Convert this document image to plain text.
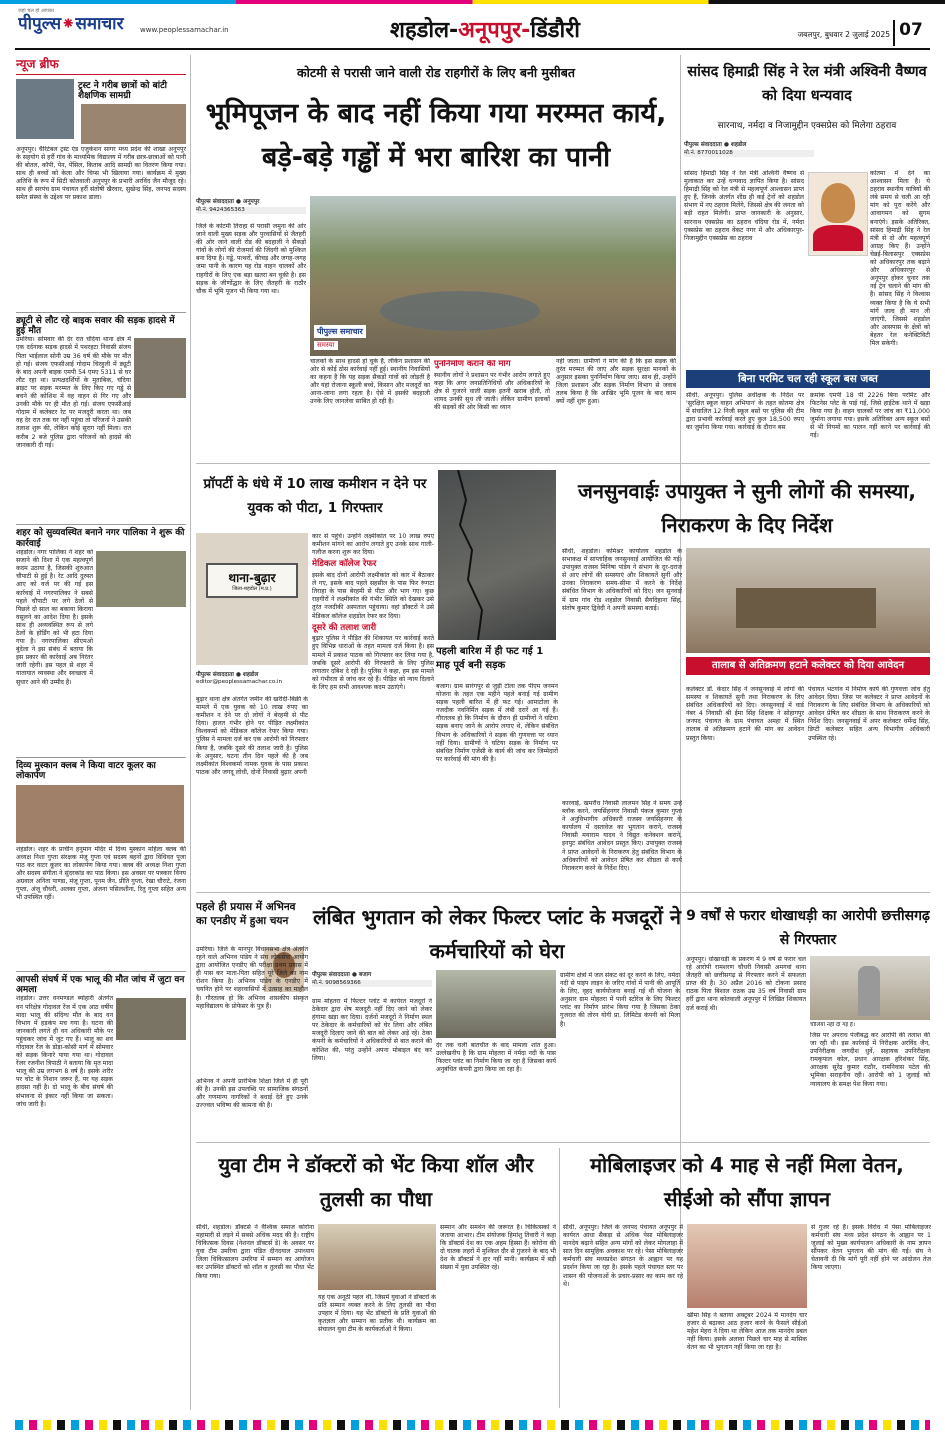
जहां चल हो आपका
पीपुल्स⁕समाचार	www.peoplessamachar.in	शहडोल-अनूपपुर-डिंडौरी	जबलपुर, बुधवार 2 जुलाई 2025 07
न्यूज ब्रीफ
ट्रस्ट ने गरीब छात्रों को बांटी शैक्षणिक सामग्री
अनूपपुर। चैरिटेबल ट्रस्ट एंड एजुकेशन सागर मध्य प्रदेश की शाखा अनूपपुर के सहयोग से हर्री गांव के माध्यमिक विद्यालय में गरीब छात्र-छात्राओं को पानी की बोतल, कॉपी, पेन, पेंसिल, किताब आदि सामग्री का वितरण किया गया। साथ ही बच्चों को केला और चिप्स भी खिलाया गया। कार्यक्रम में मुख्य अतिथि के रूप में सिटी कोतवाली अनूपपुर के प्रभारी अरविंद जैन मौजूद रहे। साथ ही सरपंच ग्राम पंचायत हर्री संतोषी खैरवार, सुखेन्द्र सिंह, जनपद सदस्य समेत संस्था के उद्देश्य पर प्रकाश डाला।
ड्यूटी से लौट रहे बाइक सवार की सड़क हादसे में हुई मौत
उमरिया। सोमवार की देर रात चंदिया थाना क्षेत्र में एक दर्दनाक सड़क हादसे में पथरहटा निवासी संजय पिता भाईलाल सोनी उम्र 36 वर्ष की मौके पर मौत हो गई। संजय एफसीआई गोदाम चिरहुली में ड्यूटी के बाद अपनी बाइक एमपी 54 एमए 5311 से घर लौट रहा था। प्रत्यक्षदर्शियों के मुताबिक, चंदिया ब्राइट पर सड़क मरम्मत के लिए किए गए गड्ढे से बचने की कोशिश में वह वाहन से गिर गए और उनकी मौके पर ही मौत हो गई। संजय एफसीआई गोदाम में कलेक्टर रेट पर मजदूरी करता था। जब वह देर रात तक घर नहीं पहुंचा तो परिजनों ने उसकी तलाश शुरू की, लेकिन कोई सुराग नहीं मिला। रात करीब 2 बजे पुलिस द्वारा परिजनों को हादसे की जानकारी दी गई।
शहर को सुव्यवस्थित बनाने नगर पालिका ने शुरू की कार्रवाई
शहडोल। नगर पालिका ने शहर को सजाने की दिशा में एक महत्वपूर्ण कदम उठाया है, जिसकी शुरुआत चौपाटी से हुई है। रेट आदि दुरुस्त आए को वर्ज पर की गई इस कार्रवाई में नगरपालिका ने सबसे पहले चौपाटी पर लगे ठेलों से पिछले दो साल का बकाया किराया वसूलने का आदेश दिया है। इसके साथ ही अव्यवस्थित रूप से लगे ठेलों के होर्डिंग को भी हटा दिया गया है। नगरपालिका सीएमओ बुंदेला ने इस संबंध में बताया कि इस प्रकार की कार्रवाई अब निरंतर जारी रहेगी। इस पहल से शहर में यातायात व्यवस्था और स्वच्छता में सुधार आने की उम्मीद है।
दिव्य मुस्कान क्लब ने किया वाटर कूलर का लोकार्पण
शहडोल। शहर के प्राचीन हनुमान मंदिर में दिव्य मुस्कान महिला क्लब की अध्यक्ष निशा गुप्ता संरक्षक मंजू गुप्ता एवं सदस्य बहनों द्वारा विधिवत पूजा पाठ कर वाटर कूलर का लोकार्पण किया गया। क्लब की अध्यक्ष निशा गुप्ता और सदस्य संगीता ने सुंदरकांड का पाठ किया। इस अवसर पर पत्रकार विनय अग्रवाल अनिता पाण्डा, मंजू गुप्ता, पूनम जैन, प्रीति गुप्ता, रेखा चौराटे, रंजना गुप्ता, अंजू चौधरी, अलका गुप्ता, अंजना पसिलशीना, रितु गुप्ता सहित अन्य भी उपस्थित रहीं।
आपसी संघर्ष में एक भालू की मौत जांच में जुटा वन अमला
शहडोल। उत्तर वनमण्डल ब्योहारी अंतर्गत वन परिक्षेत्र गोदावल रेंज में एक आठ वर्षीय मादा भालू की संदिग्ध मौत के बाद वन विभाग में हड़कंप मच गया है। घटना की जानकारी लगते ही वन अधिकारी मौके पर पहुंचकर जांच में जुट गए हैं। भालू का शव गोदावल रेंज के डोड़ा-कोसी मार्ग में सोमवार को सड़क किनारे पाया गया था। गोदावल रेंजर रजनीश त्रिपाठी ने बताया कि मृत मादा भालू की उम्र लगभग 8 वर्ष है। इसके शरीर पर चोट के निशान जरूर हैं, पर यह सड़क हादसा नहीं है। दो भालू के बीच संघर्ष की संभावना से इंकार नहीं किया जा सकता। जांच जारी है।
कोटमी से परासी जाने वाली रोड राहगीरों के लिए बनी मुसीबत
भूमिपूजन के बाद नहीं किया गया मरम्मत कार्य, बड़े-बड़े गड्ढों में भरा बारिश का पानी
पीपुल्स संवाददाता ● अनूपपुर
मो.नं. 9424365363
जिले के कोटमी तिराहा से परासी जमुना की ओर जाने वाली मुख्य सड़क और पुरवासियों से जैतहरी की ओर जाने वाली रोड की बदहाली ने सैकड़ों गांवों के लोगों की रोजमर्रा की जिंदगी को मुश्किल बना दिया है। गड्ढे, पत्थरों, कीचड़ और जगह-जगह जमा पानी के कारण यह रोड वाहन चालकों और राहगीरों के लिए एक बड़ा खतरा बन चुकी है। इस सड़क के जीर्णोद्धार के लिए जैतहरी के राठौर चौक में भूमि पूजन भी किया गया था।
पीपुल्स समाचार
समस्या
चालकों के साथ हादसे हो चुके हैं, लेकिन प्रशासन की ओर से कोई ठोस कार्रवाई नहीं हुई। स्थानीय निवासियों का कहना है कि यह सड़क सैकड़ों गांवों को जोड़ती है और यहां रोजाना स्कूली बच्चे, किसान और मजदूरों का आना-जाना लगा रहता है। ऐसे में इसकी बदहाली उनके लिए जानलेवा साबित हो रही है।
पुनर्निर्माण कराने की मांग
स्थानीय लोगों ने प्रशासन पर गंभीर आरोप लगाते हुए कहा कि अगर जनप्रतिनिधियों और अधिकारियों के क्षेत्र से गुजरने वाली सड़क इतनी खराब होती, तो शायद उनकी सुध ली जाती। लेकिन ग्रामीण इलाकों की सड़कों की ओर किसी का ध्यान
नहीं जाता। ग्रामीणों ने मांग की है कि इस सड़क की तुरंत मरम्मत की जाए और सड़क सुरक्षा मानकों के अनुसार इसका पुनर्निर्माण किया जाए। साथ ही, उन्होंने जिला प्रशासन और सड़क निर्माण विभाग से जवाब तलब किया है कि आखिर भूमि पूजन के बाद काम क्यों नहीं शुरू हुआ।
सांसद हिमाद्री सिंह ने रेल मंत्री अश्विनी वैष्णव को दिया धन्यवाद
सारनाथ, नर्मदा व निजामुद्दीन एक्सप्रेस को मिलेगा ठहराव
पीपुल्स संवाददाता ● शहडोल
मो.नं. 8770011028
सांसद हिमाद्री सिंह ने रेल मंत्री अश्विनी वैष्णव से मुलाकात कर उन्हें धन्यवाद ज्ञापित किया है। सांसद हिमाद्री सिंह को रेल मंत्री से महत्वपूर्ण आश्वासन प्राप्त हुए हैं, जिनके अंतर्गत शीघ्र ही कई ट्रेनों को शहडोल संभाग में नए ठहराव मिलेंगे, जिससे क्षेत्र की जनता को बड़ी राहत मिलेगी। प्राप्त जानकारी के अनुसार, सारनाथ एक्सप्रेस का ठहराव चंदिया रोड में, नर्मदा एक्सप्रेस का ठहराव वेंकट नगर में और अधिकारपुर-निजामुद्दीन एक्सप्रेस का ठहराव
कोतमा में देने का आश्वासन मिला है। ये ठहराव स्थानीय यात्रियों की लंबे समय से चली आ रही मांग को पूरा करेंगे और आवागमन को सुगम बनाएंगे। इसके अतिरिक्त, सांसद हिमाद्री सिंह ने रेल मंत्री से दो और महत्वपूर्ण आग्रह किए हैं। उन्होंने चेन्नई-बिलासपुर एक्सप्रेस को अधिकारपुर तक बढ़ाने और अधिकारपुर से अनूपपुर होकर चुनार तक नई ट्रेन चलाने की मांग की है। सांसद सिंह ने विश्वास व्यक्त किया है कि ये सभी मांगें जल्द ही मान ली जाएंगी, जिससे शहडोल और आसपास के क्षेत्रों को बेहतर रेल कनेक्टिविटी मिल सकेगी।
बिना परमिट चल रही स्कूल बस जब्त
सीधी, अनूपपुर। पुलिस अधीक्षक के निर्देश पर 'सुरक्षित स्कूल वाहन अभियान' के तहत कोतमा क्षेत्र में संचालित 12 निजी स्कूल बसों पर पुलिस की टीम द्वारा प्रभावी कार्रवाई करते हुए कुल 18,500 रुपए का जुर्माना किया गया। कार्रवाई के दौरान बस
क्रमांक एमपी 18 पी 2226 बिना परमिट और फिटनेस प्लेट के पाई गई, जिसे हाईटेक थाने में खड़ा किया गया है। वाहन चालकों पर जांच का ₹11,000 जुर्माना लगाया गया। इसके अतिरिक्त अन्य स्कूल बसों से भी नियमों का पालन नहीं करने पर कार्रवाई की गई।
प्रॉपर्टी के धंधे में 10 लाख कमीशन न देने पर युवक को पीटा, 1 गिरफ्तार
थाना-बुढ़ार
जिला-शहडोल (म.प्र.)
पीपुल्स संवाददाता ● शहडोल
editor@peoplessamachar.co.in
बुढ़ार थाना क्षेत्र अंतर्गत जमीन की खरीदी-बिक्री के मामले में एक युवक को 10 लाख रुपए का कमीशन न देने पर दो लोगों ने बेरहमी से पीट दिया। हालत गंभीर होने पर पीड़ित लक्ष्मीकांत विश्वकर्मा को मेडिकल कॉलेज रेफर किया गया। पुलिस ने मामला दर्ज कर एक आरोपी को गिरफ्तार किया है, जबकि दूसरे की तलाश जारी है। पुलिस के अनुसार, घटना तीन दिन पहले की है जब लक्ष्मीकांत विश्वकर्मा नामक युवक के पास प्रकाश पाठक और जगदू लोधी, दोनों निवासी बुढ़ार अपनी
कार से पहुंचे। उन्होंने लक्ष्मीकांत पर 10 लाख रुपए कमीशन मांगने का आरोप लगाते हुए उनके साथ गाली-गलौज करना शुरू कर दिया।
मेडिकल कॉलेज रेफर
इसके बाद दोनों आरोपी लक्ष्मीकांत को कार में बैठाकर ले गए, इसके बाद पहले सहसील के पास फिर रूंगटा तिराहा के पास बेरहमी से पीटा और भाग गए। कुछ राहगीरों ने लक्ष्मीकांत की गंभीर स्थिति को देखकर उसे तुरंत नजदीकी अस्पताल पहुंचाया। वहां डॉक्टरों ने उसे मेडिकल कॉलेज शहडोल रेफर कर दिया।
दूसरे की तलाश जारी
बुढ़ार पुलिस ने पीड़ित की शिकायत पर कार्रवाई करते हुए विभिन्न धाराओं के तहत मामला दर्ज किया है। इस मामले में प्रकाश पाठक को गिरफ्तार कर लिया गया है, जबकि दूसरे आरोपी की गिरफ्तारी के लिए पुलिस लगातार दबिश दे रही है। पुलिस ने कहा, हम इस मामले को गंभीरता से जांच कर रहे हैं। पीड़ित को न्याय दिलाने के लिए हम सभी आवश्यक कदम उठाएंगे।
पहली बारिश में ही फट गई 1 माह पूर्व बनी सड़क
बजाग। ग्राम सारंगपुर से जुड़ी टोला तक पीएम जनमन योजना के तहत एक महीने पहले बनाई गई ग्रामीण सड़क पहली बारिश में ही फट गई। आमाटोला के नजदीक नवनिर्मित सड़क में लंबी दरारें आ गई हैं। गौरतलब हो कि निर्माण के दौरान ही ग्रामीणों ने घटिया सड़क बनाए जाने के आरोप लगाए थे, लेकिन संबंधित विभाग के अधिकारियों ने सड़क की गुणवत्ता पर ध्यान नहीं दिया। ग्रामीणों ने घटिया सड़क के निर्माण पर संबंधित निर्माण एजेंसी के कार्य की जांच कर जिम्मेदारों पर कार्रवाई की मांग की है।
जनसुनवाईः उपायुक्त ने सुनी लोगों की समस्या, निराकरण के दिए निर्देश
सीधी, शहडोल। कमिश्नर कार्यालय शहडोल के सभाकक्ष में साप्ताहिक जनसुनवाई आयोजित की गई। उपायुक्त राजस्व मिनिषा पांडेय ने संभाग के दूर-दराज से आए लोगों की समस्याएं और शिकायतें सुनीं और उनका निराकरण समय-सीमा में करने के निर्देश संबंधित विभाग के अधिकारियों को दिए। जन सुनवाई में ग्राम गांव रोड शहडोल निवासी सैयदिहाना सिंह, संतोष कुमार द्विवेदी ने अपनी समस्या बताई।
तालाब से अतिक्रमण हटाने कलेक्टर को दिया आवेदन
कलेक्टर डॉ. केदार सिंह ने जनसुनवाई में लोगों की समस्या व शिकायतें सुनी तथा निराकरण के लिए संबंधित अधिकारियों को दिए। जनसुनवाई में वार्ड नंबर 4 निवासी श्री ईमा सिंह शिक्षक ने सोहागपुर जनपद पंचायत के ग्राम पंचायत अमहा में स्थित तालाब से अतिक्रमण हटाने की मांग का आवेदन प्रस्तुत किया।
पंचायत भटगांव में निर्माण कार्य की गुणवत्ता जांच हेतु आवेदन दिया। जिस पर कलेक्टर ने प्राप्त आवेदनों के निराकरण के लिए संबंधित विभाग के अधिकारियों को आवेदन प्रेषित कर शीघ्रता के साथ निराकरण करने के निर्देश दिए। जनसुनवाई में अपर कलेक्टर धर्मेन्द्र सिंह, डिप्टी कलेक्टर सहित अन्य विभागीय अधिकारी उपस्थित रहे।
कारवाई, खमरौंध निवासी लालमन सिंह ने समय उन्हें ब्लॉक करने, जयसिंहनगर निवासी पंकज कुमार गुप्ता ने अनुविभागीय अधिकारी राजस्व जयसिंहनगर के कार्यालय में दस्तावेज का भुगतान कराने, राजस्व निवासी मयाराम यादव ने विद्युत कनेक्शन कराने, इनपुट संबंधित आवेदन प्रस्तुत किए। उपायुक्त राजस्व ने प्राप्त आवेदनों के निराकरण हेतु संबंधित विभाग के अधिकारियों को आवेदन प्रेषित कर शीघ्रता से कार्य निराकरण करने के निर्देश दिए।
पहले ही प्रयास में अभिनव का एनडीए में हुआ चयन
उमरिया। जिले के मानपुर विधानसभा क्षेत्र अंतर्गत रहने वाले अभिनव पांडेय ने संघ लोकसेवा आयोग द्वारा आयोजित एनडीए की परीक्षा प्रथम प्रयास में ही पास कर माता-पिता सहित पूरे जिले का नाम रोशन किया है। अभिनव पांडेय के एनडीए में चयनित होने पर शहरवासियों में उत्साह का माहौल है। गौरतलब हो कि अभिनव शासकीय संस्कृत महाविद्यालय के प्रोफेसर के पुत्र हैं।
अभिनव ने अपनी प्रारंभिक शिक्षा जिले में ही पूरी की है। उनकी इस उपलब्धि पर सामाजिक संगठनों और गणमान्य नागरिकों ने बधाई देते हुए उनके उज्ज्वल भविष्य की कामना की है।
लंबित भुगतान को लेकर फिल्टर प्लांट के मजदूरों ने कर्मचारियों को घेरा
पीपुल्स संवाददाता ● बजाग
मो.नं. 9098569366
ग्राम मोहतरा में फिल्टर प्लांट में कार्यरत मजदूरों ने ठेकेदार द्वारा शेष मजदूरी नहीं दिए जाने को लेकर हंगामा खड़ा कर दिया। दर्जनों मजदूरों ने निर्माण स्थल पर ठेकेदार के कर्मचारियों को घेर लिया और लंबित मजदूरी दिलाए जाने की बात को लेकर अड़े रहे। ठेका कंपनी के कर्मचारियों ने अधिकारियों से बात कराने की कोशिश की, परंतु उन्होंने अपना मोबाइल बंद कर लिया।
देर तक चली बातचीत के बाद मामला शांत हुआ। उल्लेखनीय है कि ग्राम मोहतरा में नर्मदा नदी के पास फिल्टर प्लांट का निर्माण किया जा रहा है जिसका कार्य अनुबंधित कंपनी द्वारा किया जा रहा है।
ग्रामीण क्षेत्रों में जल संकट को दूर करने के लिए, नर्मदा नदी से पाइप लाइन के जरिए गांवों में पानी की आपूर्ति के लिए, वृहद कार्ययोजना बनाई गई थी योजना के अनुसार ग्राम मोहतरा में पानी स्टोरेज के लिए फिल्टर प्लांट का निर्माण प्रारंभ किया गया है जिसका ठेका गुजरात की तोरन योगी प्रा. लिमिटेड कंपनी को मिला है।
9 वर्षों से फरार धोखाधड़ी का आरोपी छत्तीसगढ़ से गिरफ्तार
अनूपपुर। धोखाधड़ी के प्रकरण में 9 वर्ष से फरार चल रहे आरोपी रामशरण चौधरी निवासी अमगवां थाना जैतहरी को छत्तीसगढ़ से गिरफ्तार करने में सफलता प्राप्त की है। 30 अप्रैल 2016 को टोंकना प्रसाद राठक पिता बिशाल राठक उम्र 35 वर्ष निवासी ग्राम हर्री द्वारा थाना कोतवाली अनूपपुर में लिखित शिकायत दर्ज कराई थी।
चौलियों नहीं दी गई है।
जिस पर अपराध पंजीबद्ध कर आरोपी की तलाश की जा रही थी। इस कार्रवाई में निरीक्षक अरविंद जैन, उपनिरीक्षक जगदीश धुर्वे, सहायक उपनिरीक्षक रामकृपाल कोल, प्रधान आरक्षक हरिशंकर सिंह, आरक्षक सुरेंद्र कुमार राठौर, रामनिवास पटेल की भूमिका सराहनीय रही। आरोपी को 1 जुलाई को न्यायालय के समक्ष पेश किया गया।
युवा टीम ने डॉक्टरों को भेंट किया शॉल और तुलसी का पौधा
सीधी, शहडोल। डॉक्टर्स ने वैश्विक समाज कोरोना महामारी से लड़ने में सबसे अधिक मदद की है। राष्ट्रीय चिकित्सक दिवस (नेशनल डॉक्टर्स डे) के अवसर पर युवा टीम उमरिया द्वारा पंडित दीनदयाल उपाध्याय जिला चिकित्सालय उमरिया में सम्मान का आयोजन कर उपस्थित डॉक्टरों को शॉल व तुलसी का पौधा भेंट किया गया।
यह एक अनूठी पहल थी, जिसमें युवाओं ने डॉक्टरों के प्रति सम्मान व्यक्त करने के लिए तुलसी का पौधा उपहार में दिया। यह भेंट डॉक्टरों के प्रति युवाओं की कृतज्ञता और सम्मान का प्रतीक थी। कार्यक्रम का संचालन युवा टीम के कार्यकर्ताओं ने किया।
सम्मान और समर्थन की जरूरत है। चिकित्सकों ने जताया आभार। टीम संयोजक हिमांशु तिवारी ने कहा कि डॉक्टर्स देश का एक अहम हिस्सा हैं। कोरोना की दो घातक लहरों में मुश्किल दौर से गुजरने के बाद भी देश के डॉक्टर्स ने हार नहीं मानी। कार्यक्रम में बड़ी संख्या में युवा उपस्थित रहे।
मोबिलाइजर को 4 माह से नहीं मिला वेतन, सीईओ को सौंपा ज्ञापन
सीधी, अनूपपुर। जिले के जनपद पंचायत अनूपपुर में कार्यरत आधा सैकड़ा से अधिक पेसा मोबिलाइजर मानदेय बढ़ाने सहित अन्य मांगों को लेकर मोगलाहा में सात दिन सामूहिक अवकाश पर रहे। पेसा मोबिलाइजर कर्मचारी संघ मध्यप्रदेश संगठन के आह्वान पर यह प्रदर्शन किया जा रहा है। इसके पहले पंचायत स्तर पर शासन की योजनाओं के प्रचार-प्रसार का काम कर रहे थे।
खीमा सिंह ने बताया अक्टूबर 2024 में मानदेय चार हजार से बढ़ाकर आठ हजार करने के फैसले सीईओ महेश मेहरा ने दिया था लेकिन आज तक मानदेय डबल नहीं किया। इसके अलावा पिछले चार माह से मासिक वेतन का भी भुगतान नहीं किया जा रहा है।
से गुजर रहे हैं। इसके विरोध में पेसा मोबिलाइजर कर्मचारी संघ मध्य प्रदेश संगठन के आह्वान पर 1 जुलाई को मुख्य कार्यपालन अधिकारी के नाम ज्ञापन सौंपकर वेतन भुगतान की मांग की गई। संघ ने चेतावनी दी कि मांगें पूरी नहीं होने पर आंदोलन तेज किया जाएगा।
